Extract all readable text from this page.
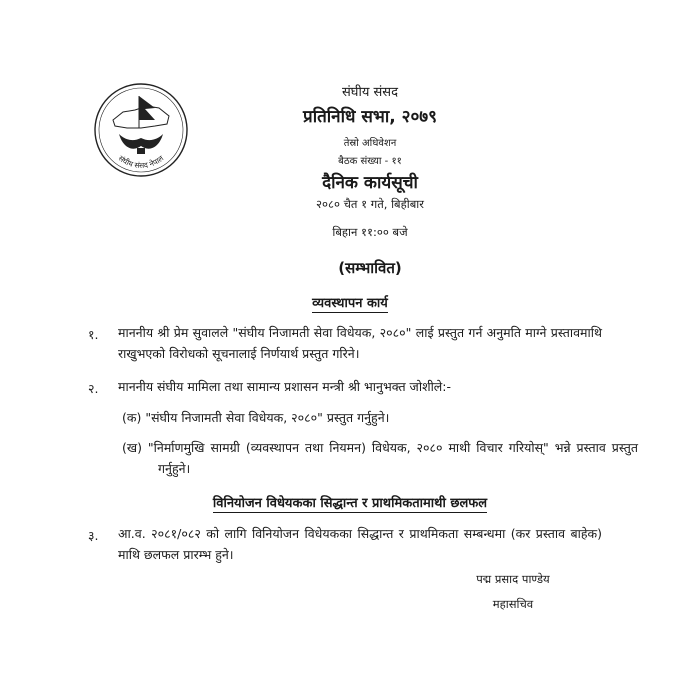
संघीय संसद नेपाल
संघीय संसद
प्रतिनिधि सभा, २०७९
तेस्रो अधिवेशन
बैठक संख्या - ११
दैनिक कार्यसूची
२०८० चैत १ गते, बिहीबार
बिहान ११:०० बजे
(सम्भावित)
व्यवस्थापन कार्य
१. माननीय श्री प्रेम सुवालले "संघीय निजामती सेवा विधेयक, २०८०" लाई प्रस्तुत गर्न अनुमति माग्ने प्रस्तावमाथि राखुभएको विरोधको सूचनालाई निर्णयार्थ प्रस्तुत गरिने।
२. माननीय संघीय मामिला तथा सामान्य प्रशासन मन्त्री श्री भानुभक्त जोशीले:-
(क) "संघीय निजामती सेवा विधेयक, २०८०" प्रस्तुत गर्नुहुने।
(ख) "निर्माणमुखि सामग्री (व्यवस्थापन तथा नियमन) विधेयक, २०८० माथी विचार गरियोस्" भन्ने प्रस्ताव प्रस्तुत गर्नुहुने।
विनियोजन विधेयकका सिद्धान्त र प्राथमिकतामाथी छलफल
३. आ.व. २०८१/०८२ को लागि विनियोजन विधेयकका सिद्धान्त र प्राथमिकता सम्बन्धमा (कर प्रस्ताव बाहेक) माथि छलफल प्रारम्भ हुने।
पद्म प्रसाद पाण्डेय
महासचिव
